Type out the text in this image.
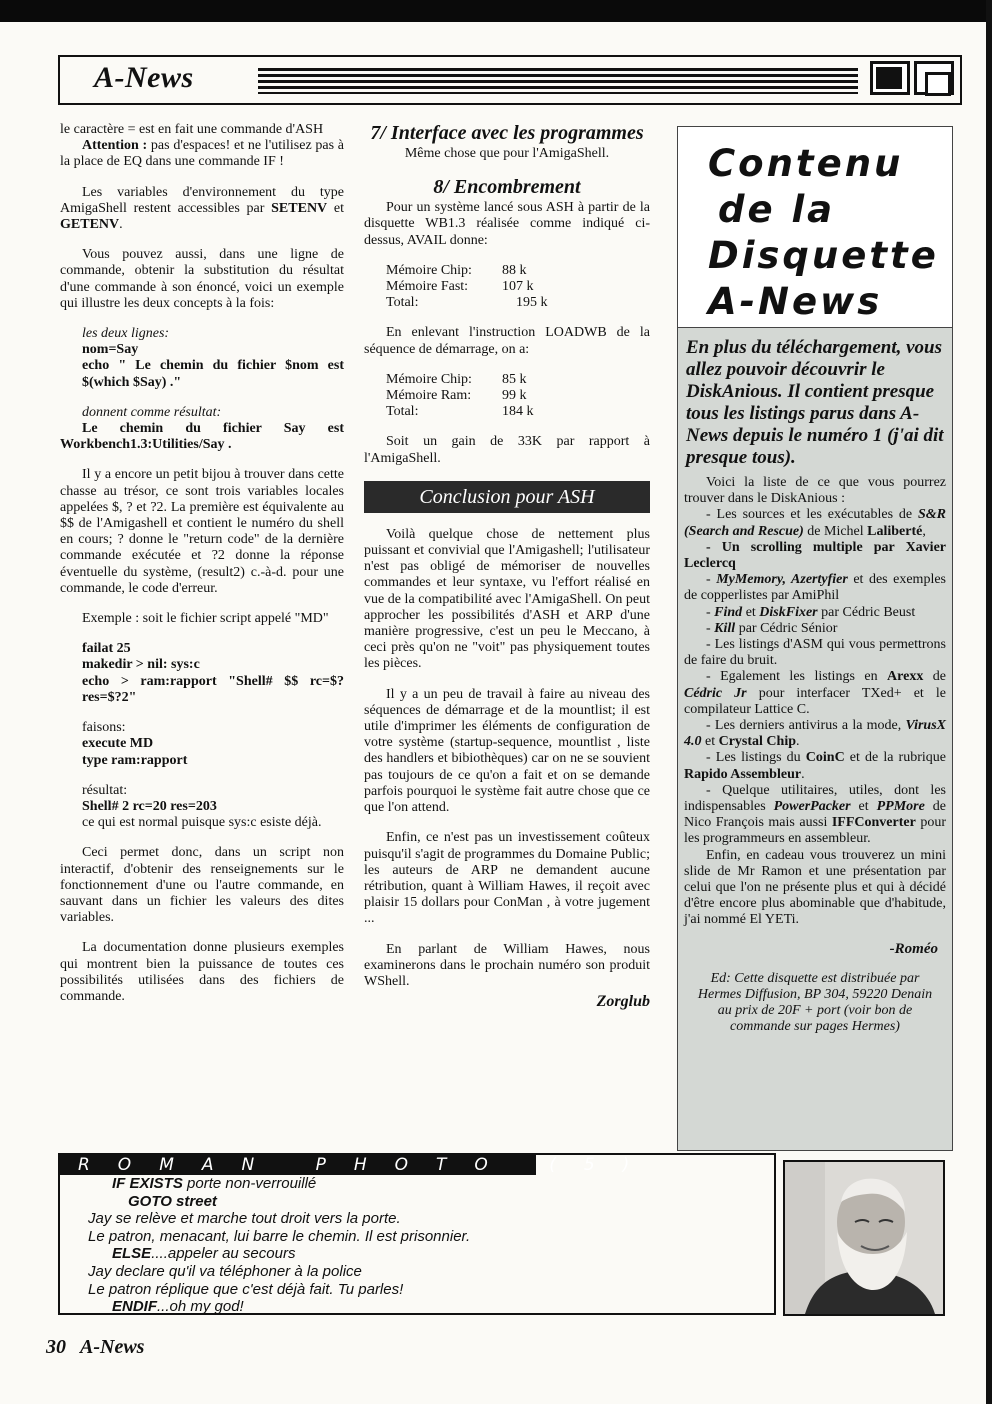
A-News

le caractère = est en fait une commande d'ASH

Attention : pas d'espaces! et ne l'utilisez pas à la place de EQ dans une commande IF !

Les variables d'environnement du type AmigaShell restent accessibles par SETENV et GETENV.

Vous pouvez aussi, dans une ligne de commande, obtenir la substitution du résultat d'une commande à son énoncé, voici un exemple qui illustre les deux concepts à la fois:

les deux lignes:
nom=Say
echo " Le chemin du fichier $nom est $(which $Say) ."
donnent comme résultat:
Le chemin du fichier Say est Workbench1.3:Utilities/Say .

Il y a encore un petit bijou à trouver dans cette chasse au trésor, ce sont trois variables locales appelées $, ? et ?2. La première est équivalente au $$ de l'Amigashell et contient le numéro du shell en cours; ? donne le "return code" de la dernière commande exécutée et ?2 donne la réponse éventuelle du système, (result2) c.-à-d. pour une commande, le code d'erreur.

Exemple : soit le fichier script appelé "MD"

failat 25
makedir > nil: sys:c
echo > ram:rapport "Shell# $$ rc=$? res=$?2"
faisons:
execute MD
type ram:rapport
résultat:
Shell# 2 rc=20 res=203
ce qui est normal puisque sys:c esiste déjà.

Ceci permet donc, dans un script non interactif, d'obtenir des renseignements sur le fonctionnement d'une ou l'autre commande, en sauvant dans un fichier les valeurs des dites variables.

La documentation donne plusieurs exemples qui montrent bien la puissance de toutes ces possibilités utilisées dans des fichiers de commande.

7/ Interface avec les programmes

Même chose que pour l'AmigaShell.

8/ Encombrement

Pour un système lancé sous ASH à partir de la disquette WB1.3 réalisée comme indiqué ci-dessus, AVAIL donne:

Mémoire Chip:	88 k
Mémoire Fast:	107 k
Total:	195 k

En enlevant l'instruction LOADWB de la séquence de démarrage, on a:

Mémoire Chip:	85 k
Mémoire Ram:	99 k
Total:	184 k

Soit un gain de 33K par rapport à l'AmigaShell.

Conclusion pour ASH

Voilà quelque chose de nettement plus puissant et convivial que l'Amigashell; l'utilisateur n'est pas obligé de mémoriser de nouvelles commandes et leur syntaxe, vu l'effort réalisé en vue de la compatibilité avec l'AmigaShell. On peut approcher les possibilités d'ASH et ARP d'une manière progressive, c'est un peu le Meccano, à ceci près qu'on ne "voit" pas physiquement toutes les pièces.

Il y a un peu de travail à faire au niveau des séquences de démarrage et de la mountlist; il est utile d'imprimer les éléments de configuration de votre système (startup-sequence, mountlist , liste des handlers et bibiothèques) car on ne se souvient pas toujours de ce qu'on a fait et on se demande parfois pourquoi le système fait autre chose que ce que l'on attend.

Enfin, ce n'est pas un investissement coûteux puisqu'il s'agit de programmes du Domaine Public; les auteurs de ARP ne demandent aucune rétribution, quant à William Hawes, il reçoit avec plaisir 15 dollars pour ConMan , à votre jugement ...

En parlant de William Hawes, nous examinerons dans le prochain numéro son produit WShell.

Zorglub
Contenu
de la
Disquette
A-News
En plus du téléchargement, vous allez pouvoir découvrir le DiskAnious. Il contient presque tous les listings parus dans A-News depuis le numéro 1 (j'ai dit presque tous).

Voici la liste de ce que vous pourrez trouver dans le DiskAnious :

- Les sources et les exécutables de S&R (Search and Rescue) de Michel Laliberté,

- Un scrolling multiple par Xavier Leclercq

- MyMemory, Azertyfier et des exemples de copperlistes par AmiPhil

- Find et DiskFixer par Cédric Beust

- Kill par Cédric Sénior

- Les listings d'ASM qui vous permettrons de faire du bruit.

- Egalement les listings en Arexx de Cédric Jr pour interfacer TXed+ et le compilateur Lattice C.

- Les derniers antivirus a la mode, VirusX 4.0 et Crystal Chip.

- Les listings du CoinC et de la rubrique Rapido Assembleur.

- Quelque utilitaires, utiles, dont les indispensables PowerPacker et PPMore de Nico François mais aussi IFFConverter pour les programmeurs en assembleur.

Enfin, en cadeau vous trouverez un mini slide de Mr Ramon et une présentation par celui que l'on ne présente plus et qui à décidé d'être encore plus abominable que d'habitude, j'ai nommé El YETi.

-Roméo
Ed: Cette disquette est distribuée par Hermes Diffusion, BP 304, 59220 Denain au prix de 20F + port (voir bon de commande sur pages Hermes)
ROMAN PHOTO (5)
IF EXISTS porte non-verrouillé
GOTO street
Jay se relève et marche tout droit vers la porte.
Le patron, menacant, lui barre le chemin. Il est prisonnier.
ELSE....appeler au secours
Jay declare qu'il va téléphoner à la police
Le patron réplique que c'est déjà fait. Tu parles!
ENDIF...oh my god!
30 A-News
